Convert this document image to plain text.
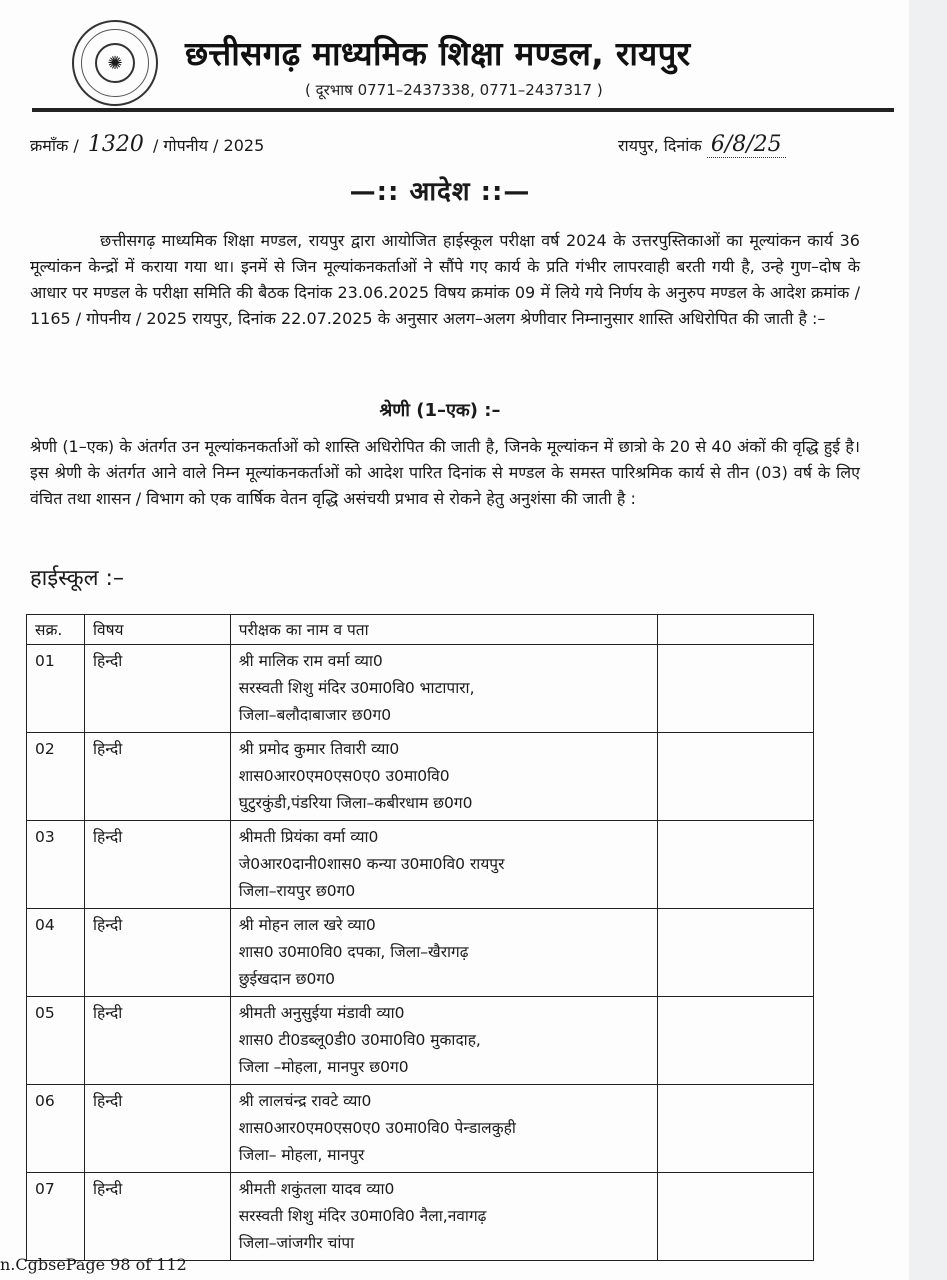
✺	छत्तीसगढ़ माध्यमिक शिक्षा मण्डल, रायपुर
( दूरभाष 0771–2437338, 0771–2437317 )
क्रमाँक / 1320 / गोपनीय / 2025	रायपुर, दिनांक 6/8/25
—:: आदेश ::—

छत्तीसगढ़ माध्यमिक शिक्षा मण्डल, रायपुर द्वारा आयोजित हाईस्कूल परीक्षा वर्ष 2024 के उत्तरपुस्तिकाओं का मूल्यांकन कार्य 36 मूल्यांकन केन्द्रों में कराया गया था। इनमें से जिन मूल्यांकनकर्ताओं ने सौंपे गए कार्य के प्रति गंभीर लापरवाही बरती गयी है, उन्हे गुण–दोष के आधार पर मण्डल के परीक्षा समिति की बैठक दिनांक 23.06.2025 विषय क्रमांक 09 में लिये गये निर्णय के अनुरुप मण्डल के आदेश क्रमांक / 1165 / गोपनीय / 2025 रायपुर, दिनांक 22.07.2025 के अनुसार अलग–अलग श्रेणीवार निम्नानुसार शास्ति अधिरोपित की जाती है :–

श्रेणी (1–एक) :–

श्रेणी (1–एक) के अंतर्गत उन मूल्यांकनकर्ताओं को शास्ति अधिरोपित की जाती है, जिनके मूल्यांकन में छात्रो के 20 से 40 अंकों की वृद्धि हुई है। इस श्रेणी के अंतर्गत आने वाले निम्न मूल्यांकनकर्ताओं को आदेश पारित दिनांक से मण्डल के समस्त पारिश्रमिक कार्य से तीन (03) वर्ष के लिए वंचित तथा शासन / विभाग को एक वार्षिक वेतन वृद्धि असंचयी प्रभाव से रोकने हेतु अनुशंसा की जाती है :

हाईस्कूल :–
सक्र.	विषय	परीक्षक का नाम व पता	
01	हिन्दी	श्री मालिक राम वर्मा व्या0
सरस्वती शिशु मंदिर उ0मा0वि0 भाटापारा,
जिला–बलौदाबाजार छ0ग0	

02	हिन्दी	श्री प्रमोद कुमार तिवारी व्या0
शास0आर0एम0एस0ए0 उ0मा0वि0
घुटुरकुंडी,पंडरिया जिला–कबीरधाम छ0ग0	

03	हिन्दी	श्रीमती प्रियंका वर्मा व्या0
जे0आर0दानी0शास0 कन्या उ0मा0वि0 रायपुर
जिला–रायपुर छ0ग0	

04	हिन्दी	श्री मोहन लाल खरे व्या0
शास0 उ0मा0वि0 दपका, जिला–खैरागढ़
छुईखदान छ0ग0	

05	हिन्दी	श्रीमती अनुसुईया मंडावी व्या0
शास0 टी0डब्लू0डी0 उ0मा0वि0 मुकादाह,
जिला –मोहला, मानपुर छ0ग0	

06	हिन्दी	श्री लालचंन्द्र रावटे व्या0
शास0आर0एम0एस0ए0 उ0मा0वि0 पेन्डालकुही
जिला– मोहला, मानपुर	

07	हिन्दी	श्रीमती शकुंतला यादव व्या0
सरस्वती शिशु मंदिर उ0मा0वि0 नैला,नवागढ़
जिला–जांजगीर चांपा	

n.CgbsePage 98 of 112
